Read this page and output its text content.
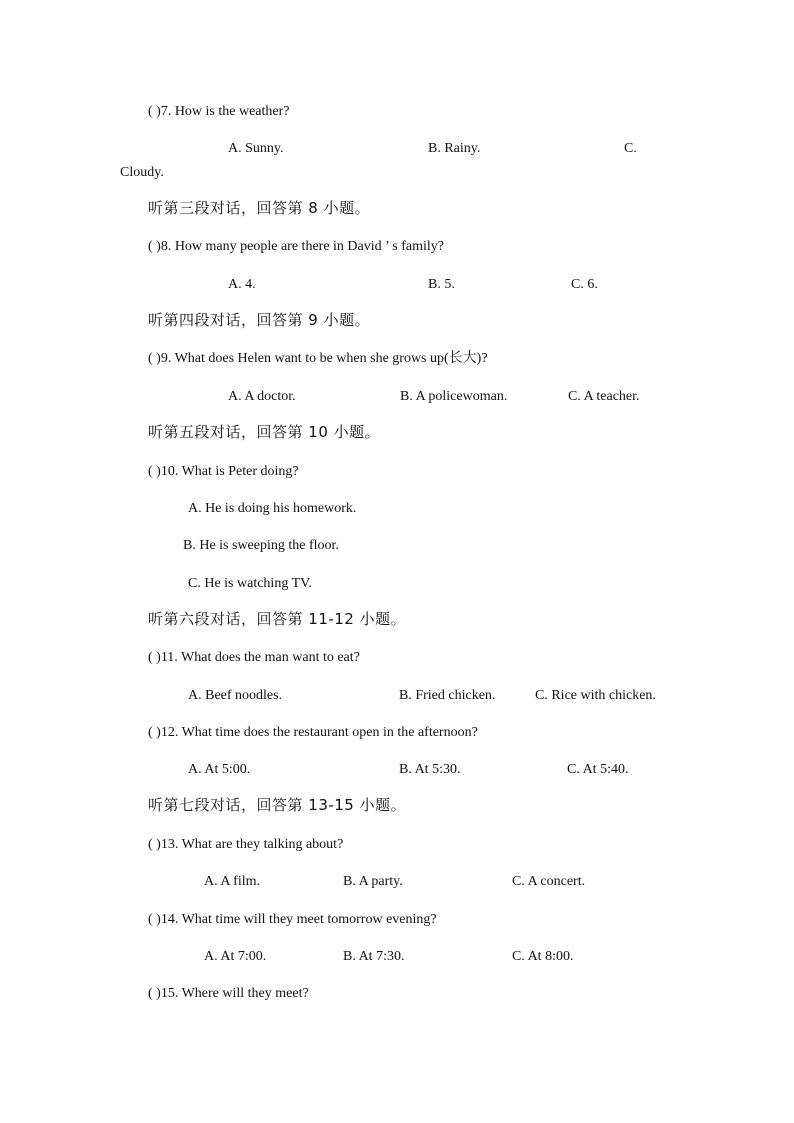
( )7. How is the weather?
A. Sunny.	B. Rainy.	C.
Cloudy.
听第三段对话，回答第 8 小题。
( )8. How many people are there in David ’ s family?
A. 4.	B. 5.	C. 6.
听第四段对话，回答第 9 小题。
( )9. What does Helen want to be when she grows up(长大)?
A. A doctor.	B. A policewoman.	C. A teacher.
听第五段对话，回答第 10 小题。
( )10. What is Peter doing?
A. He is doing his homework.
B. He is sweeping the floor.
C. He is watching TV.
听第六段对话，回答第 11-12 小题。
( )11. What does the man want to eat?
A. Beef noodles.	B. Fried chicken.	C. Rice with chicken.
( )12. What time does the restaurant open in the afternoon?
A. At 5:00.	B. At 5:30.	C. At 5:40.
听第七段对话，回答第 13-15 小题。
( )13. What are they talking about?
A. A film.	B. A party.	C. A concert.
( )14. What time will they meet tomorrow evening?
A. At 7:00.	B. At 7:30.	C. At 8:00.
( )15. Where will they meet?
